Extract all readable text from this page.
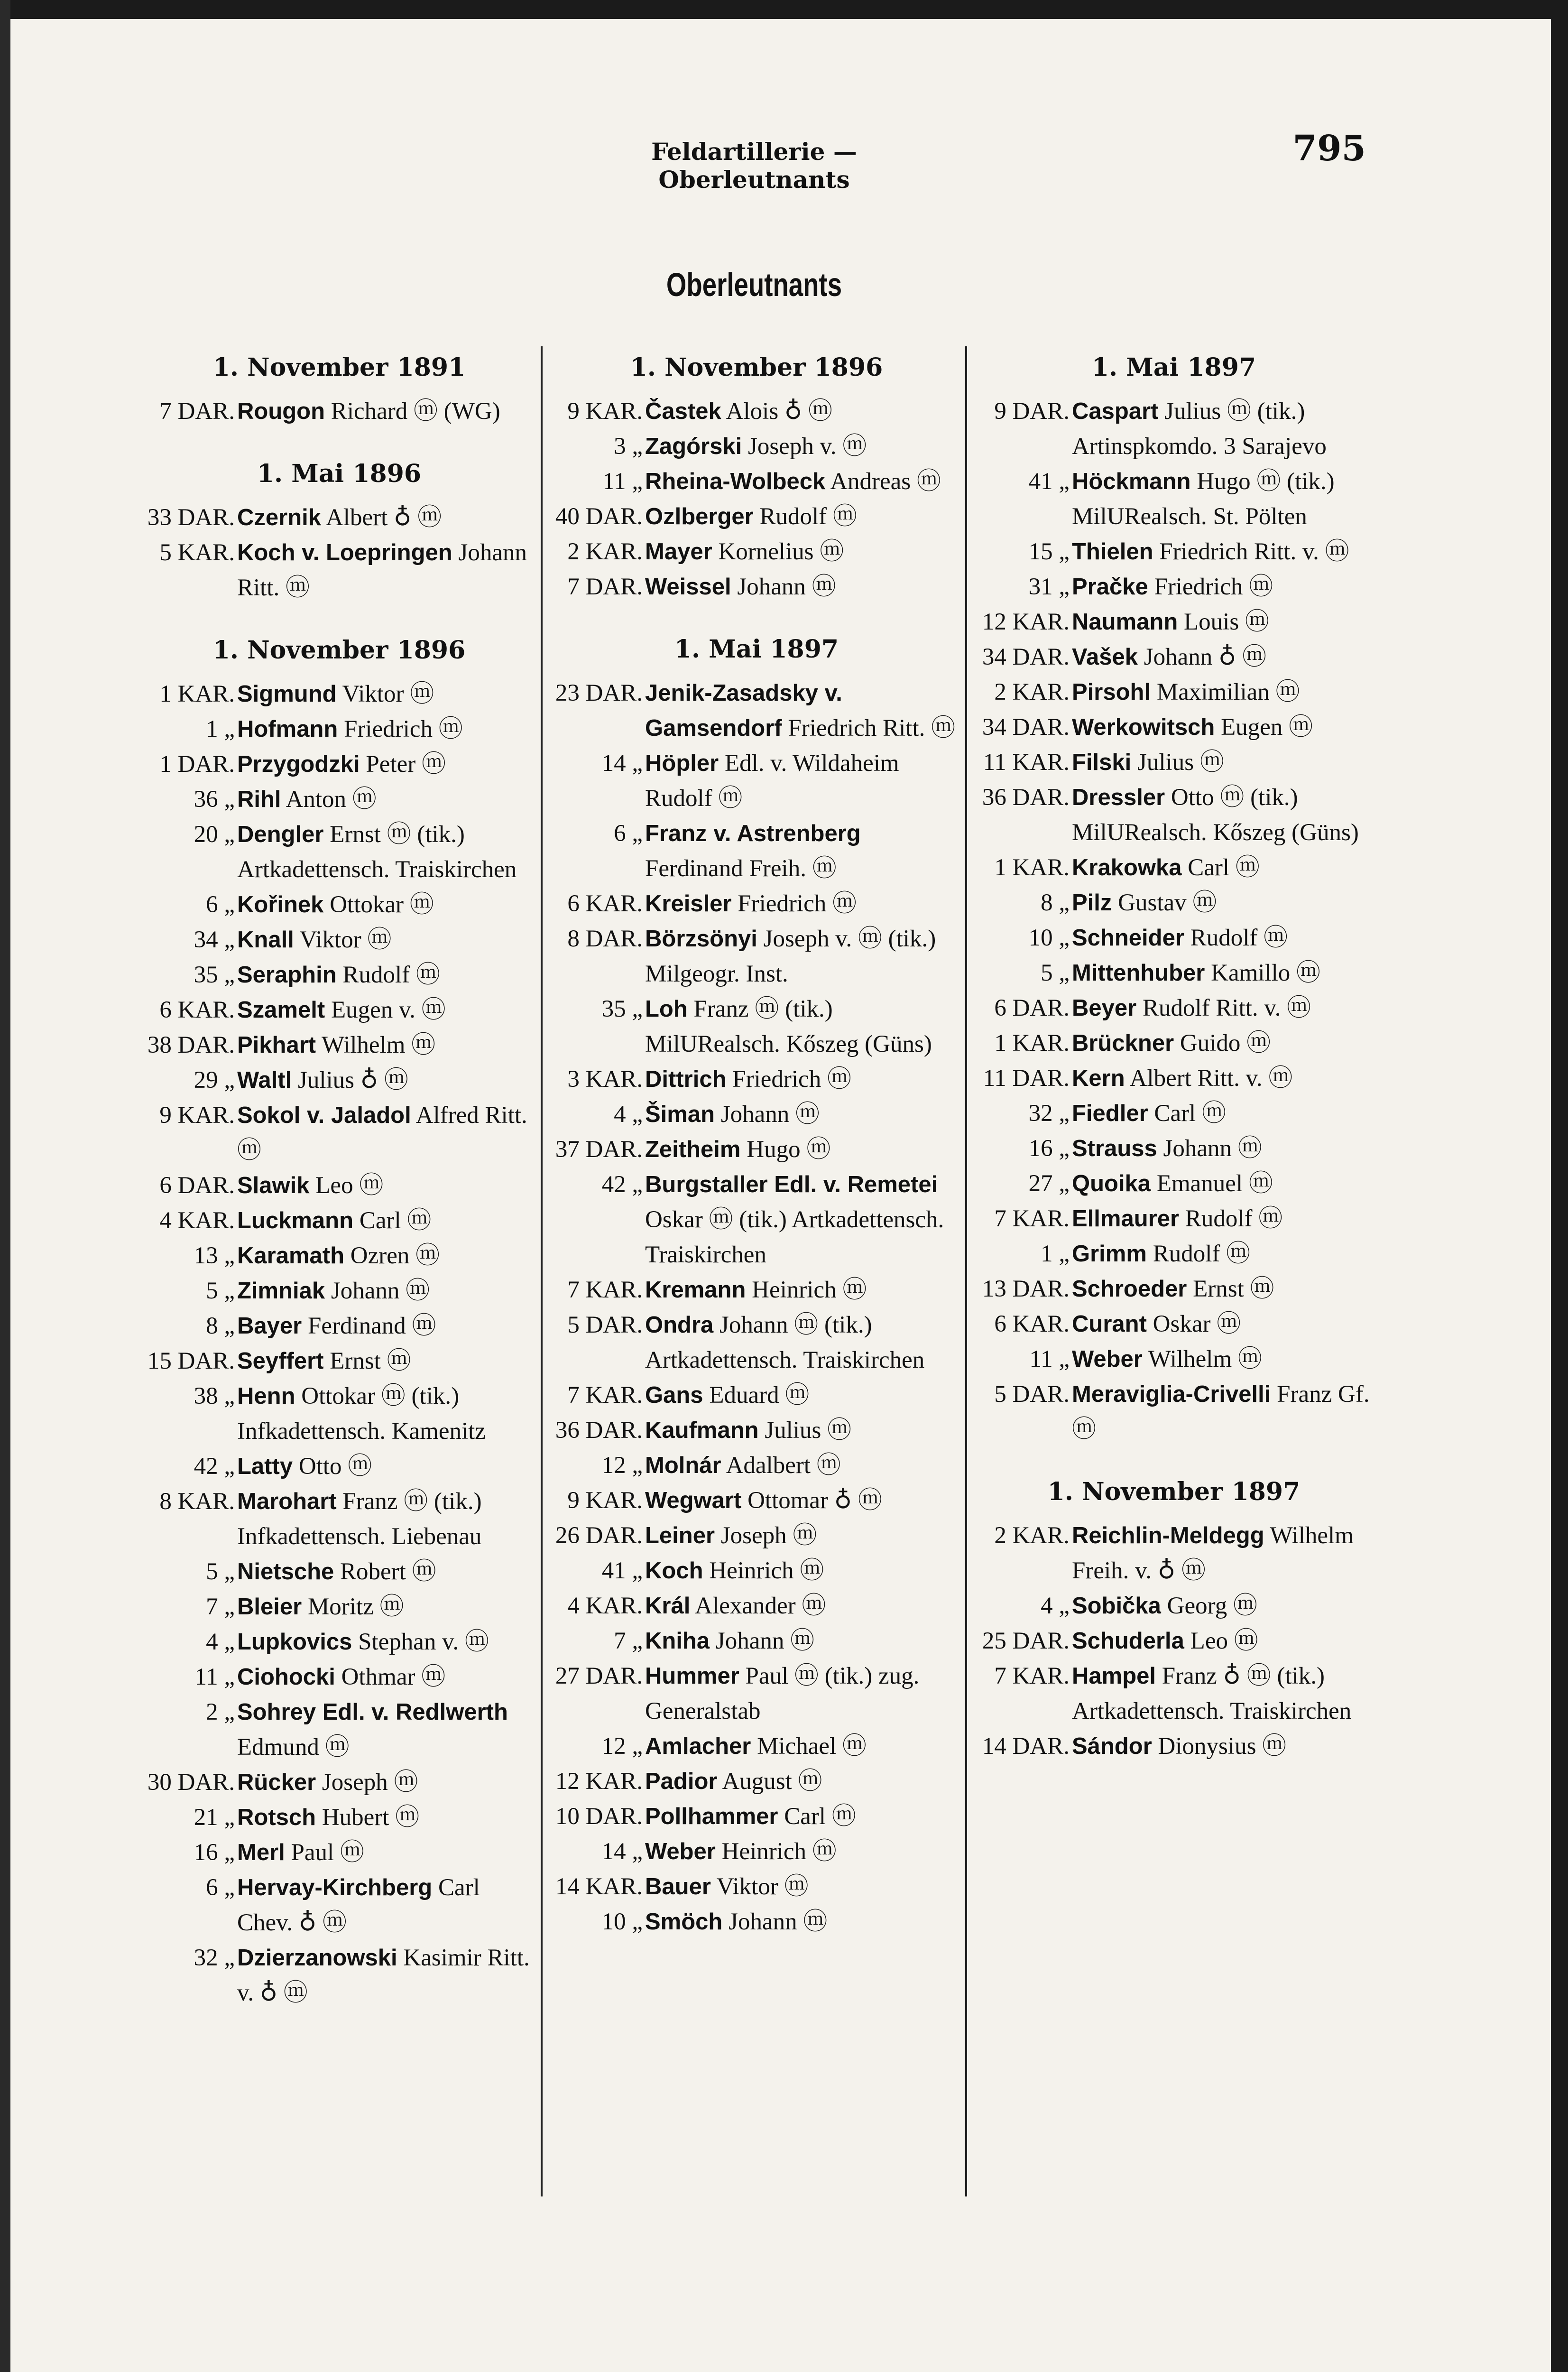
Feldartillerie — Oberleutnants
795
Oberleutnants
1. November 1891
7 DAR. Rougon Richard ⓜ (WG)
1. Mai 1896
33 DAR. Czernik Albert ♁ ⓜ
5 KAR. Koch v. Loepringen Johann Ritt. ⓜ
1. November 1896
1 KAR. Sigmund Viktor ⓜ
1 „ Hofmann Friedrich ⓜ
1 DAR. Przygodzki Peter ⓜ
36 „ Rihl Anton ⓜ
20 „ Dengler Ernst ⓜ (tik.) Artkadettensch. Traiskirchen
6 „ Kořinek Ottokar ⓜ
34 „ Knall Viktor ⓜ
35 „ Seraphin Rudolf ⓜ
6 KAR. Szamelt Eugen v. ⓜ
38 DAR. Pikhart Wilhelm ⓜ
29 „ Waltl Julius ♁ ⓜ
9 KAR. Sokol v. Jaladol Alfred Ritt. ⓜ
6 DAR. Slawik Leo ⓜ
4 KAR. Luckmann Carl ⓜ
13 „ Karamath Ozren ⓜ
5 „ Zimniak Johann ⓜ
8 „ Bayer Ferdinand ⓜ
15 DAR. Seyffert Ernst ⓜ
38 „ Henn Ottokar ⓜ (tik.) Infkadettensch. Kamenitz
42 „ Latty Otto ⓜ
8 KAR. Marohart Franz ⓜ (tik.) Infkadettensch. Liebenau
5 „ Nietsche Robert ⓜ
7 „ Bleier Moritz ⓜ
4 „ Lupkovics Stephan v. ⓜ
11 „ Ciohocki Othmar ⓜ
2 „ Sohrey Edl. v. Redlwerth Edmund ⓜ
30 DAR. Rücker Joseph ⓜ
21 „ Rotsch Hubert ⓜ
16 „ Merl Paul ⓜ
6 „ Hervay-Kirchberg Carl Chev. ♁ ⓜ
32 „ Dzierzanowski Kasimir Ritt. v. ♁ ⓜ
1. November 1896
9 KAR. Častek Alois ♁ ⓜ
3 „ Zagórski Joseph v. ⓜ
11 „ Rheina-Wolbeck Andreas ⓜ
40 DAR. Ozlberger Rudolf ⓜ
2 KAR. Mayer Kornelius ⓜ
7 DAR. Weissel Johann ⓜ
1. Mai 1897
23 DAR. Jenik-Zasadsky v. Gamsendorf Friedrich Ritt. ⓜ
14 „ Höpler Edl. v. Wildaheim Rudolf ⓜ
6 „ Franz v. Astrenberg Ferdinand Freih. ⓜ
6 KAR. Kreisler Friedrich ⓜ
8 DAR. Börzsönyi Joseph v. ⓜ (tik.) Milgeogr. Inst.
35 „ Loh Franz ⓜ (tik.) MilURealsch. Kőszeg (Güns)
3 KAR. Dittrich Friedrich ⓜ
4 „ Šiman Johann ⓜ
37 DAR. Zeitheim Hugo ⓜ
42 „ Burgstaller Edl. v. Remetei Oskar ⓜ (tik.) Artkadettensch. Traiskirchen
7 KAR. Kremann Heinrich ⓜ
5 DAR. Ondra Johann ⓜ (tik.) Artkadettensch. Traiskirchen
7 KAR. Gans Eduard ⓜ
36 DAR. Kaufmann Julius ⓜ
12 „ Molnár Adalbert ⓜ
9 KAR. Wegwart Ottomar ♁ ⓜ
26 DAR. Leiner Joseph ⓜ
41 „ Koch Heinrich ⓜ
4 KAR. Král Alexander ⓜ
7 „ Kniha Johann ⓜ
27 DAR. Hummer Paul ⓜ (tik.) zug. Generalstab
12 „ Amlacher Michael ⓜ
12 KAR. Padior August ⓜ
10 DAR. Pollhammer Carl ⓜ
14 „ Weber Heinrich ⓜ
14 KAR. Bauer Viktor ⓜ
10 „ Smöch Johann ⓜ
1. Mai 1897
9 DAR. Caspart Julius ⓜ (tik.) Artinspkomdo. 3 Sarajevo
41 „ Höckmann Hugo ⓜ (tik.) MilURealsch. St. Pölten
15 „ Thielen Friedrich Ritt. v. ⓜ
31 „ Pračke Friedrich ⓜ
12 KAR. Naumann Louis ⓜ
34 DAR. Vašek Johann ♁ ⓜ
2 KAR. Pirsohl Maximilian ⓜ
34 DAR. Werkowitsch Eugen ⓜ
11 KAR. Filski Julius ⓜ
36 DAR. Dressler Otto ⓜ (tik.) MilURealsch. Kőszeg (Güns)
1 KAR. Krakowka Carl ⓜ
8 „ Pilz Gustav ⓜ
10 „ Schneider Rudolf ⓜ
5 „ Mittenhuber Kamillo ⓜ
6 DAR. Beyer Rudolf Ritt. v. ⓜ
1 KAR. Brückner Guido ⓜ
11 DAR. Kern Albert Ritt. v. ⓜ
32 „ Fiedler Carl ⓜ
16 „ Strauss Johann ⓜ
27 „ Quoika Emanuel ⓜ
7 KAR. Ellmaurer Rudolf ⓜ
1 „ Grimm Rudolf ⓜ
13 DAR. Schroeder Ernst ⓜ
6 KAR. Curant Oskar ⓜ
11 „ Weber Wilhelm ⓜ
5 DAR. Meraviglia-Crivelli Franz Gf. ⓜ
1. November 1897
2 KAR. Reichlin-Meldegg Wilhelm Freih. v. ♁ ⓜ
4 „ Sobička Georg ⓜ
25 DAR. Schuderla Leo ⓜ
7 KAR. Hampel Franz ♁ ⓜ (tik.) Artkadettensch. Traiskirchen
14 DAR. Sándor Dionysius ⓜ
